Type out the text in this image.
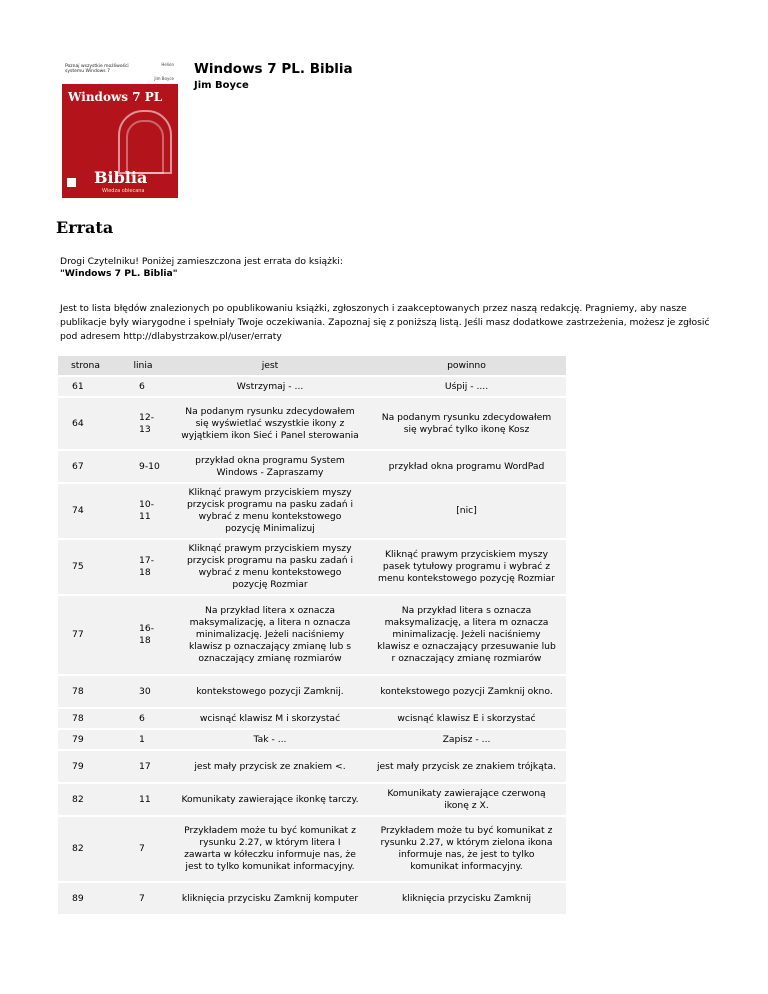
Poznaj wszystkie możliwości systemu Windows 7
Helion
Jim Boyce
Windows 7 PL
Biblia
Wiedza obiecana
Windows 7 PL. Biblia
Jim Boyce
Errata
Drogi Czytelniku! Poniżej zamieszczona jest errata do książki:
"Windows 7 PL. Biblia"
Jest to lista błędów znalezionych po opublikowaniu książki, zgłoszonych i zaakceptowanych przez naszą redakcję. Pragniemy, aby nasze publikacje były wiarygodne i spełniały Twoje oczekiwania. Zapoznaj się z poniższą listą. Jeśli masz dodatkowe zastrzeżenia, możesz je zgłosić pod adresem http://dlabystrzakow.pl/user/erraty
strona	linia	jest	powinno
61	6	Wstrzymaj - ...	Uśpij - ....
64	12-13	Na podanym rysunku zdecydowałem się wyświetlać wszystkie ikony z wyjątkiem ikon Sieć i Panel sterowania	Na podanym rysunku zdecydowałem się wybrać tylko ikonę Kosz
67	9-10	przykład okna programu System Windows - Zapraszamy	przykład okna programu WordPad
74	10-11	Kliknąć prawym przyciskiem myszy przycisk programu na pasku zadań i wybrać z menu kontekstowego pozycję Minimalizuj	[nic]
75	17-18	Kliknąć prawym przyciskiem myszy przycisk programu na pasku zadań i wybrać z menu kontekstowego pozycję Rozmiar	Kliknąć prawym przyciskiem myszy pasek tytułowy programu i wybrać z menu kontekstowego pozycję Rozmiar
77	16-18	Na przykład litera x oznacza maksymalizację, a litera n oznacza minimalizację. Jeżeli naciśniemy klawisz p oznaczający zmianę lub s oznaczający zmianę rozmiarów	Na przykład litera s oznacza maksymalizację, a litera m oznacza minimalizację. Jeżeli naciśniemy klawisz e oznaczający przesuwanie lub r oznaczający zmianę rozmiarów
78	30	kontekstowego pozycji Zamknij.	kontekstowego pozycji Zamknij okno.
78	6	wcisnąć klawisz M i skorzystać	wcisnąć klawisz E i skorzystać
79	1	Tak - ...	Zapisz - ...
79	17	jest mały przycisk ze znakiem <.	jest mały przycisk ze znakiem trójkąta.
82	11	Komunikaty zawierające ikonkę tarczy.	Komunikaty zawierające czerwoną ikonę z X.
82	7	Przykładem może tu być komunikat z rysunku 2.27, w którym litera I zawarta w kółeczku informuje nas, że jest to tylko komunikat informacyjny.	Przykładem może tu być komunikat z rysunku 2.27, w którym zielona ikona informuje nas, że jest to tylko komunikat informacyjny.
89	7	kliknięcia przycisku Zamknij komputer	kliknięcia przycisku Zamknij
